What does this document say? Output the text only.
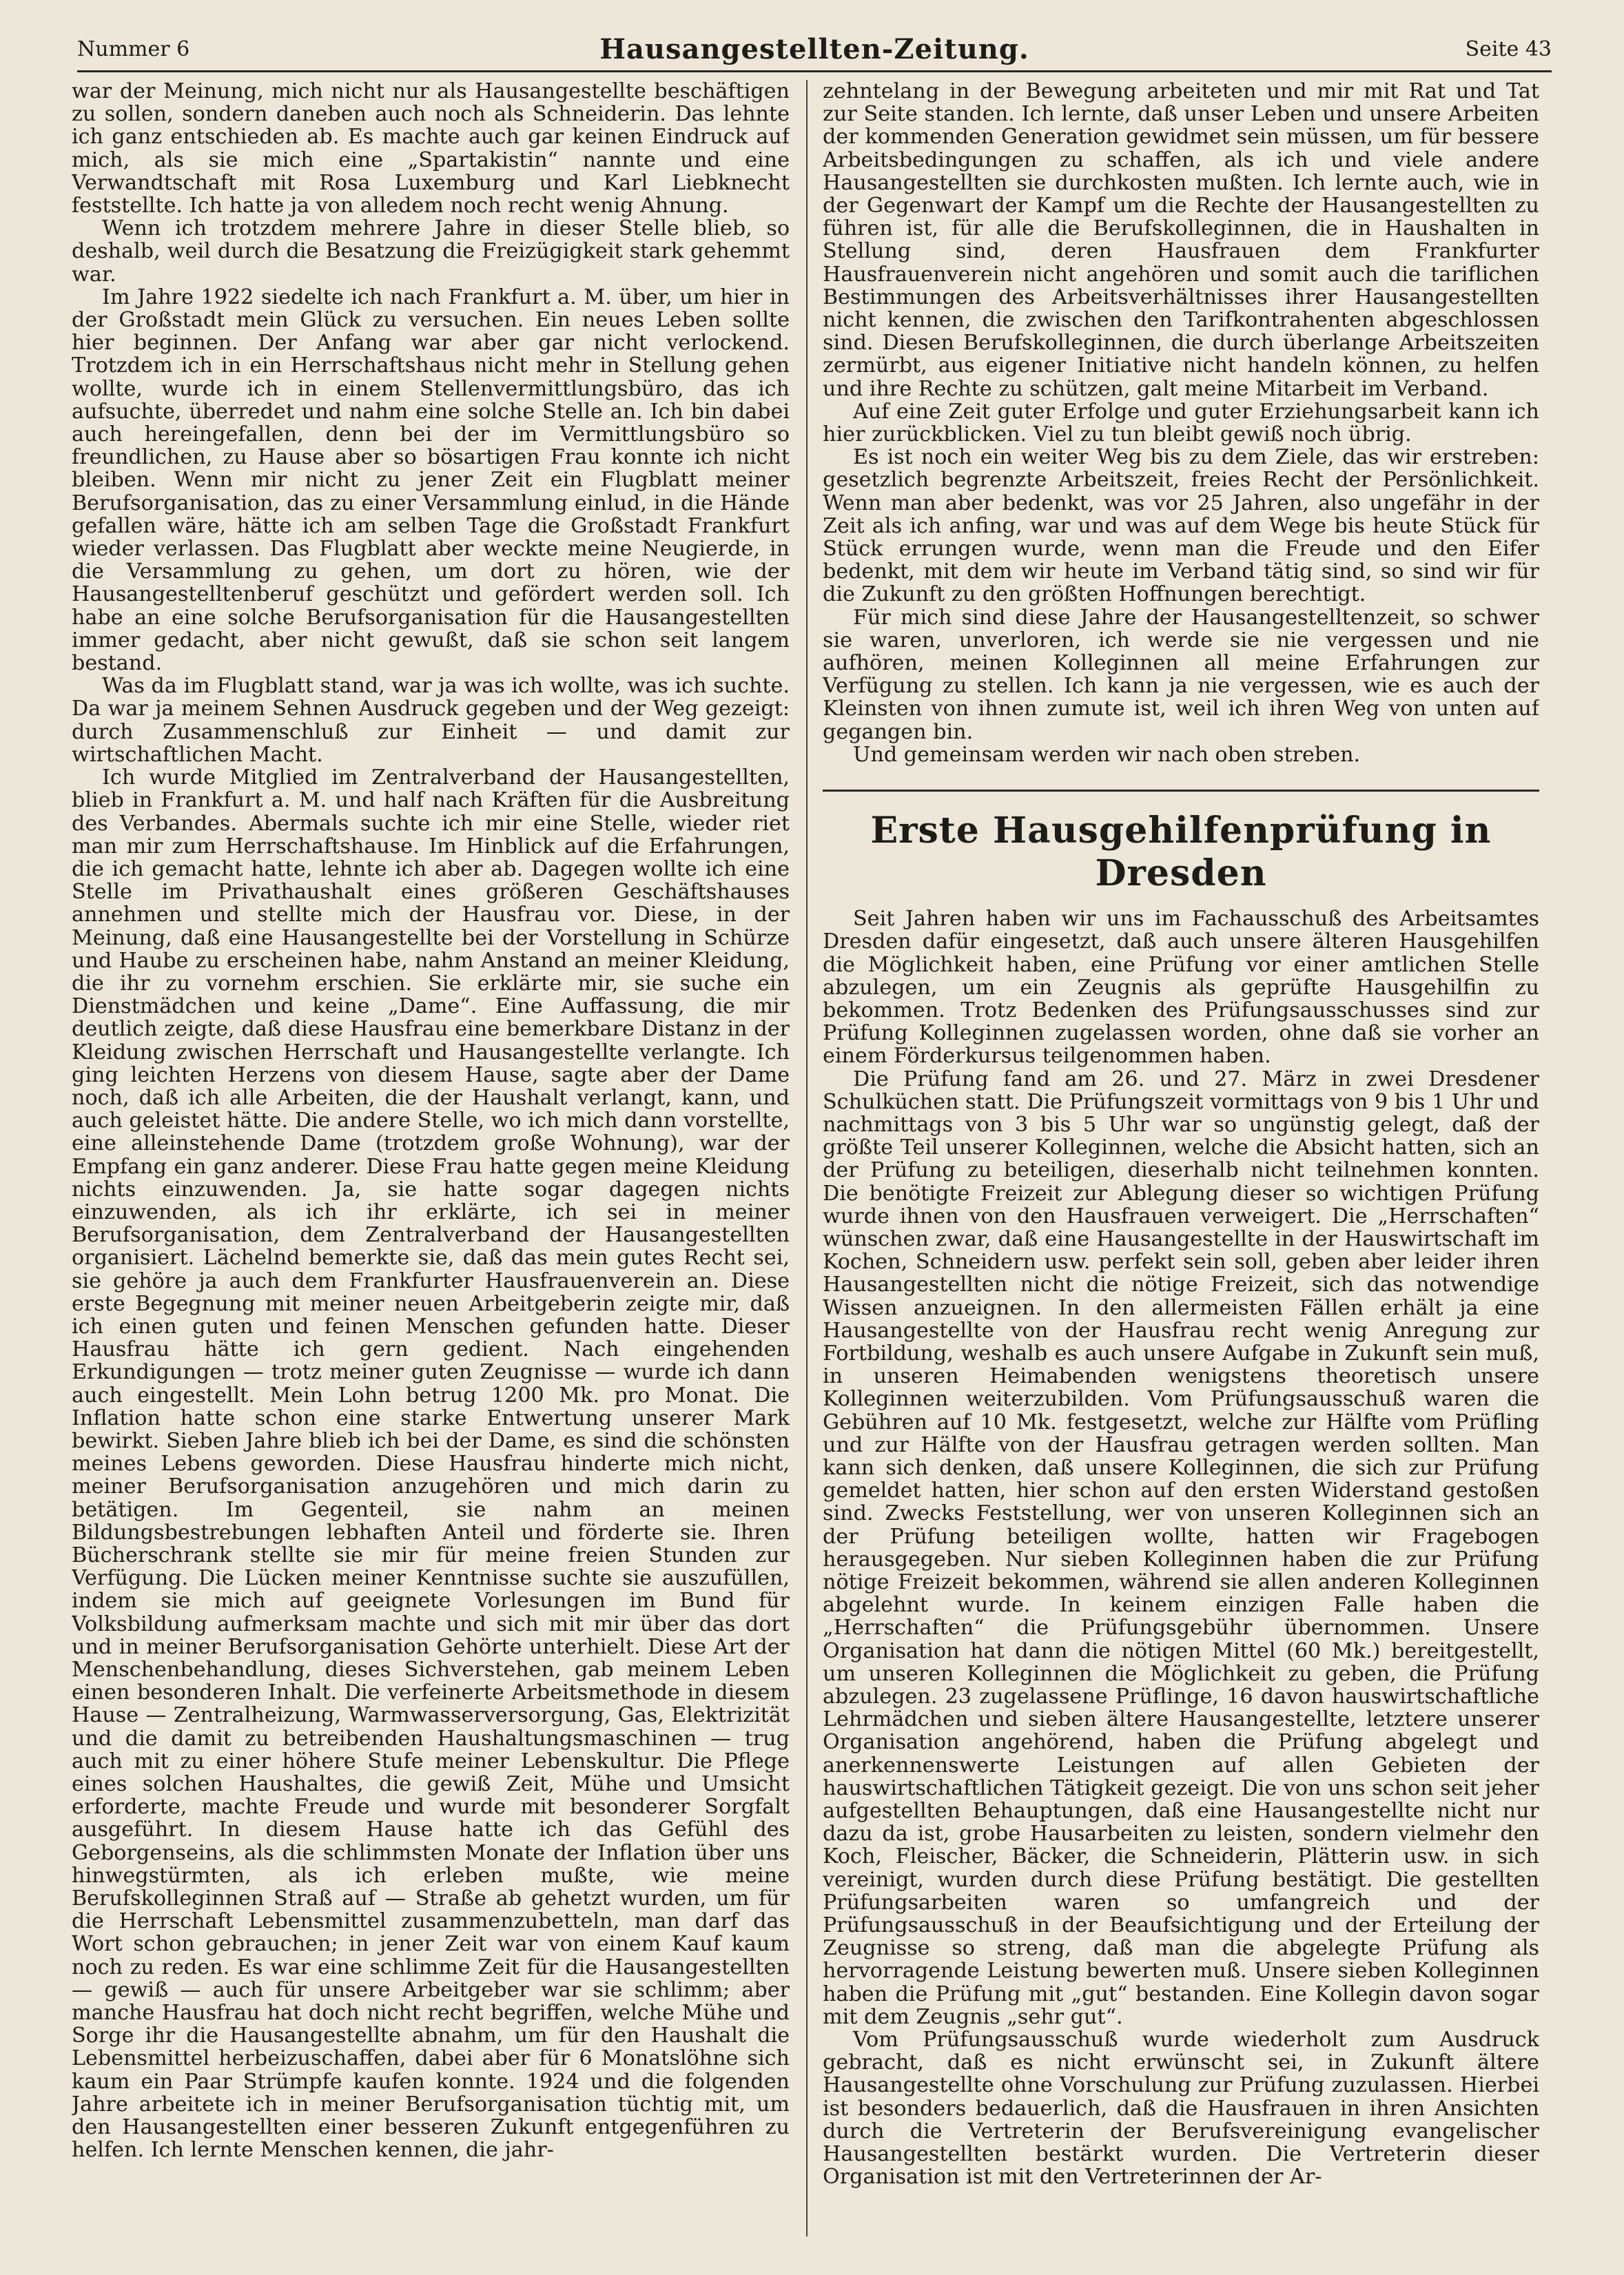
Nummer 6	Hausangestellten-Zeitung.	Seite 43

war der Meinung, mich nicht nur als Hausangestellte beschäftigen zu sollen, sondern daneben auch noch als Schneiderin. Das lehnte ich ganz entschieden ab. Es machte auch gar keinen Eindruck auf mich, als sie mich eine „Spartakistin“ nannte und eine Verwandtschaft mit Rosa Luxemburg und Karl Liebknecht feststellte. Ich hatte ja von alledem noch recht wenig Ahnung.

Wenn ich trotzdem mehrere Jahre in dieser Stelle blieb, so deshalb, weil durch die Besatzung die Freizügigkeit stark gehemmt war.

Im Jahre 1922 siedelte ich nach Frankfurt a. M. über, um hier in der Großstadt mein Glück zu versuchen. Ein neues Leben sollte hier beginnen. Der Anfang war aber gar nicht verlockend. Trotzdem ich in ein Herrschaftshaus nicht mehr in Stellung gehen wollte, wurde ich in einem Stellenvermittlungsbüro, das ich aufsuchte, überredet und nahm eine solche Stelle an. Ich bin dabei auch hereingefallen, denn bei der im Vermittlungsbüro so freundlichen, zu Hause aber so bösartigen Frau konnte ich nicht bleiben. Wenn mir nicht zu jener Zeit ein Flugblatt meiner Berufsorganisation, das zu einer Versammlung einlud, in die Hände gefallen wäre, hätte ich am selben Tage die Großstadt Frankfurt wieder verlassen. Das Flugblatt aber weckte meine Neugierde, in die Versammlung zu gehen, um dort zu hören, wie der Hausangestelltenberuf geschützt und gefördert werden soll. Ich habe an eine solche Berufsorganisation für die Hausangestellten immer gedacht, aber nicht gewußt, daß sie schon seit langem bestand.

Was da im Flugblatt stand, war ja was ich wollte, was ich suchte. Da war ja meinem Sehnen Ausdruck gegeben und der Weg gezeigt: durch Zusammenschluß zur Einheit — und damit zur wirtschaftlichen Macht.

Ich wurde Mitglied im Zentralverband der Hausangestellten, blieb in Frankfurt a. M. und half nach Kräften für die Ausbreitung des Verbandes. Abermals suchte ich mir eine Stelle, wieder riet man mir zum Herrschaftshause. Im Hinblick auf die Erfahrungen, die ich gemacht hatte, lehnte ich aber ab. Dagegen wollte ich eine Stelle im Privathaushalt eines größeren Geschäftshauses annehmen und stellte mich der Hausfrau vor. Diese, in der Meinung, daß eine Hausangestellte bei der Vorstellung in Schürze und Haube zu erscheinen habe, nahm Anstand an meiner Kleidung, die ihr zu vornehm erschien. Sie erklärte mir, sie suche ein Dienstmädchen und keine „Dame“. Eine Auffassung, die mir deutlich zeigte, daß diese Hausfrau eine bemerkbare Distanz in der Kleidung zwischen Herrschaft und Hausangestellte verlangte. Ich ging leichten Herzens von diesem Hause, sagte aber der Dame noch, daß ich alle Arbeiten, die der Haushalt verlangt, kann, und auch geleistet hätte. Die andere Stelle, wo ich mich dann vorstellte, eine alleinstehende Dame (trotzdem große Wohnung), war der Empfang ein ganz anderer. Diese Frau hatte gegen meine Kleidung nichts einzuwenden. Ja, sie hatte sogar dagegen nichts einzuwenden, als ich ihr erklärte, ich sei in meiner Berufsorganisation, dem Zentralverband der Hausangestellten organisiert. Lächelnd bemerkte sie, daß das mein gutes Recht sei, sie gehöre ja auch dem Frankfurter Hausfrauenverein an. Diese erste Begegnung mit meiner neuen Arbeitgeberin zeigte mir, daß ich einen guten und feinen Menschen gefunden hatte. Dieser Hausfrau hätte ich gern gedient. Nach eingehenden Erkundigungen — trotz meiner guten Zeugnisse — wurde ich dann auch eingestellt. Mein Lohn betrug 1200 Mk. pro Monat. Die Inflation hatte schon eine starke Entwertung unserer Mark bewirkt. Sieben Jahre blieb ich bei der Dame, es sind die schönsten meines Lebens geworden. Diese Hausfrau hinderte mich nicht, meiner Berufsorganisation anzugehören und mich darin zu betätigen. Im Gegenteil, sie nahm an meinen Bildungsbestrebungen lebhaften Anteil und förderte sie. Ihren Bücherschrank stellte sie mir für meine freien Stunden zur Verfügung. Die Lücken meiner Kenntnisse suchte sie auszufüllen, indem sie mich auf geeignete Vorlesungen im Bund für Volksbildung aufmerksam machte und sich mit mir über das dort und in meiner Berufsorganisation Gehörte unterhielt. Diese Art der Menschenbehandlung, dieses Sichverstehen, gab meinem Leben einen besonderen Inhalt. Die verfeinerte Arbeitsmethode in diesem Hause — Zentralheizung, Warmwasserversorgung, Gas, Elektrizität und die damit zu betreibenden Haushaltungsmaschinen — trug auch mit zu einer höhere Stufe meiner Lebenskultur. Die Pflege eines solchen Haushaltes, die gewiß Zeit, Mühe und Umsicht erforderte, machte Freude und wurde mit besonderer Sorgfalt ausgeführt. In diesem Hause hatte ich das Gefühl des Geborgenseins, als die schlimmsten Monate der Inflation über uns hinwegstürmten, als ich erleben mußte, wie meine Berufskolleginnen Straß auf — Straße ab gehetzt wurden, um für die Herrschaft Lebensmittel zusammenzubetteln, man darf das Wort schon gebrauchen; in jener Zeit war von einem Kauf kaum noch zu reden. Es war eine schlimme Zeit für die Hausangestellten — gewiß — auch für unsere Arbeitgeber war sie schlimm; aber manche Hausfrau hat doch nicht recht begriffen, welche Mühe und Sorge ihr die Hausangestellte abnahm, um für den Haushalt die Lebensmittel herbeizuschaffen, dabei aber für 6 Monatslöhne sich kaum ein Paar Strümpfe kaufen konnte. 1924 und die folgenden Jahre arbeitete ich in meiner Berufsorganisation tüchtig mit, um den Hausangestellten einer besseren Zukunft entgegenführen zu helfen. Ich lernte Menschen kennen, die jahr-

zehntelang in der Bewegung arbeiteten und mir mit Rat und Tat zur Seite standen. Ich lernte, daß unser Leben und unsere Arbeiten der kommenden Generation gewidmet sein müssen, um für bessere Arbeitsbedingungen zu schaffen, als ich und viele andere Hausangestellten sie durchkosten mußten. Ich lernte auch, wie in der Gegenwart der Kampf um die Rechte der Hausangestellten zu führen ist, für alle die Berufskolleginnen, die in Haushalten in Stellung sind, deren Hausfrauen dem Frankfurter Hausfrauenverein nicht angehören und somit auch die tariflichen Bestimmungen des Arbeitsverhältnisses ihrer Hausangestellten nicht kennen, die zwischen den Tarifkontrahenten abgeschlossen sind. Diesen Berufskolleginnen, die durch überlange Arbeitszeiten zermürbt, aus eigener Initiative nicht handeln können, zu helfen und ihre Rechte zu schützen, galt meine Mitarbeit im Verband.

Auf eine Zeit guter Erfolge und guter Erziehungsarbeit kann ich hier zurückblicken. Viel zu tun bleibt gewiß noch übrig.

Es ist noch ein weiter Weg bis zu dem Ziele, das wir erstreben: gesetzlich begrenzte Arbeitszeit, freies Recht der Persönlichkeit. Wenn man aber bedenkt, was vor 25 Jahren, also ungefähr in der Zeit als ich anfing, war und was auf dem Wege bis heute Stück für Stück errungen wurde, wenn man die Freude und den Eifer bedenkt, mit dem wir heute im Verband tätig sind, so sind wir für die Zukunft zu den größten Hoffnungen berechtigt.

Für mich sind diese Jahre der Hausangestelltenzeit, so schwer sie waren, unverloren, ich werde sie nie vergessen und nie aufhören, meinen Kolleginnen all meine Erfahrungen zur Verfügung zu stellen. Ich kann ja nie vergessen, wie es auch der Kleinsten von ihnen zumute ist, weil ich ihren Weg von unten auf gegangen bin.

Und gemeinsam werden wir nach oben streben.

Erste Hausgehilfenprüfung in Dresden

Seit Jahren haben wir uns im Fachausschuß des Arbeitsamtes Dresden dafür eingesetzt, daß auch unsere älteren Hausgehilfen die Möglichkeit haben, eine Prüfung vor einer amtlichen Stelle abzulegen, um ein Zeugnis als geprüfte Hausgehilfin zu bekommen. Trotz Bedenken des Prüfungsausschusses sind zur Prüfung Kolleginnen zugelassen worden, ohne daß sie vorher an einem Förderkursus teilgenommen haben.

Die Prüfung fand am 26. und 27. März in zwei Dresdener Schulküchen statt. Die Prüfungszeit vormittags von 9 bis 1 Uhr und nachmittags von 3 bis 5 Uhr war so ungünstig gelegt, daß der größte Teil unserer Kolleginnen, welche die Absicht hatten, sich an der Prüfung zu beteiligen, dieserhalb nicht teilnehmen konnten. Die benötigte Freizeit zur Ablegung dieser so wichtigen Prüfung wurde ihnen von den Hausfrauen verweigert. Die „Herrschaften“ wünschen zwar, daß eine Hausangestellte in der Hauswirtschaft im Kochen, Schneidern usw. perfekt sein soll, geben aber leider ihren Hausangestellten nicht die nötige Freizeit, sich das notwendige Wissen anzueignen. In den allermeisten Fällen erhält ja eine Hausangestellte von der Hausfrau recht wenig Anregung zur Fortbildung, weshalb es auch unsere Aufgabe in Zukunft sein muß, in unseren Heimabenden wenigstens theoretisch unsere Kolleginnen weiterzubilden. Vom Prüfungsausschuß waren die Gebühren auf 10 Mk. festgesetzt, welche zur Hälfte vom Prüfling und zur Hälfte von der Hausfrau getragen werden sollten. Man kann sich denken, daß unsere Kolleginnen, die sich zur Prüfung gemeldet hatten, hier schon auf den ersten Widerstand gestoßen sind. Zwecks Feststellung, wer von unseren Kolleginnen sich an der Prüfung beteiligen wollte, hatten wir Fragebogen herausgegeben. Nur sieben Kolleginnen haben die zur Prüfung nötige Freizeit bekommen, während sie allen anderen Kolleginnen abgelehnt wurde. In keinem einzigen Falle haben die „Herrschaften“ die Prüfungsgebühr übernommen. Unsere Organisation hat dann die nötigen Mittel (60 Mk.) bereitgestellt, um unseren Kolleginnen die Möglichkeit zu geben, die Prüfung abzulegen. 23 zugelassene Prüflinge, 16 davon hauswirtschaftliche Lehrmädchen und sieben ältere Hausangestellte, letztere unserer Organisation angehörend, haben die Prüfung abgelegt und anerkennenswerte Leistungen auf allen Gebieten der hauswirtschaftlichen Tätigkeit gezeigt. Die von uns schon seit jeher aufgestellten Behauptungen, daß eine Hausangestellte nicht nur dazu da ist, grobe Hausarbeiten zu leisten, sondern vielmehr den Koch, Fleischer, Bäcker, die Schneiderin, Plätterin usw. in sich vereinigt, wurden durch diese Prüfung bestätigt. Die gestellten Prüfungsarbeiten waren so umfangreich und der Prüfungsausschuß in der Beaufsichtigung und der Erteilung der Zeugnisse so streng, daß man die abgelegte Prüfung als hervorragende Leistung bewerten muß. Unsere sieben Kolleginnen haben die Prüfung mit „gut“ bestanden. Eine Kollegin davon sogar mit dem Zeugnis „sehr gut“.

Vom Prüfungsausschuß wurde wiederholt zum Ausdruck gebracht, daß es nicht erwünscht sei, in Zukunft ältere Hausangestellte ohne Vorschulung zur Prüfung zuzulassen. Hierbei ist besonders bedauerlich, daß die Hausfrauen in ihren Ansichten durch die Vertreterin der Berufsvereinigung evangelischer Hausangestellten bestärkt wurden. Die Vertreterin dieser Organisation ist mit den Vertreterinnen der Ar-
